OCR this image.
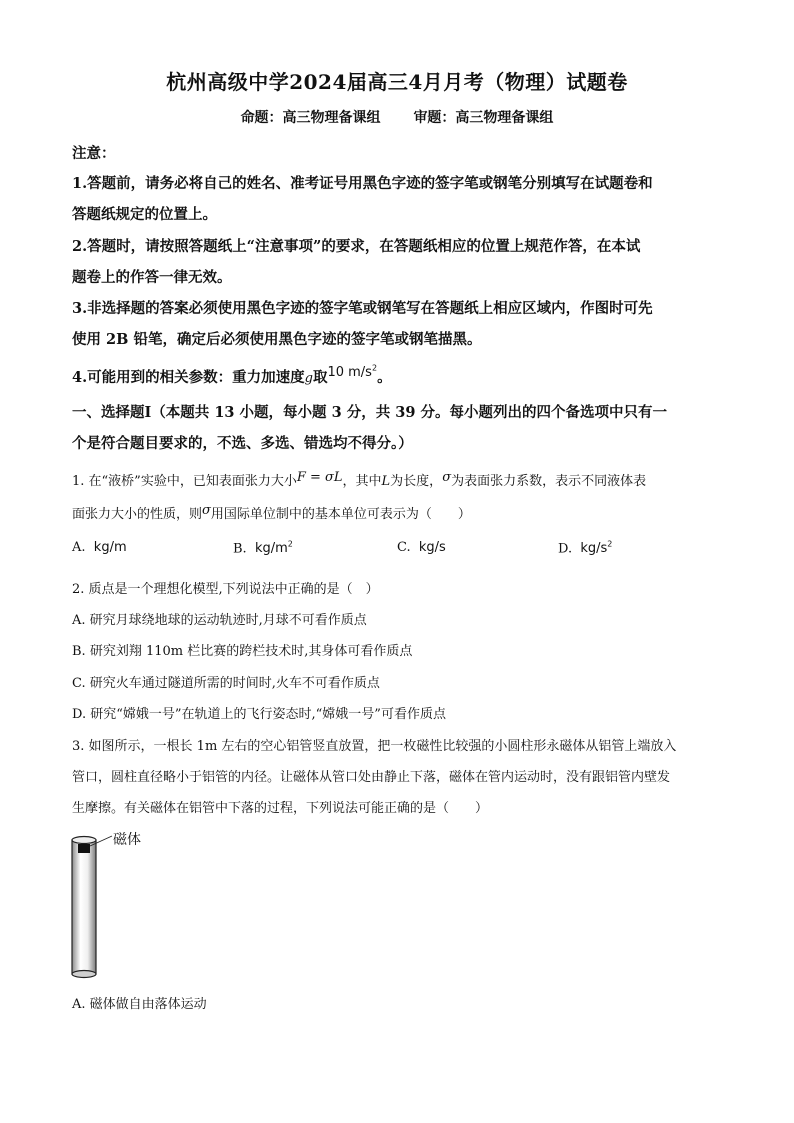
杭州高级中学2024届高三4月月考（物理）试题卷
命题：高三物理备课组 审题：高三物理备课组
注意：
1.答题前，请务必将自己的姓名、准考证号用黑色字迹的签字笔或钢笔分别填写在试题卷和
答题纸规定的位置上。
2.答题时，请按照答题纸上“注意事项”的要求，在答题纸相应的位置上规范作答，在本试
题卷上的作答一律无效。
3.非选择题的答案必须使用黑色字迹的签字笔或钢笔写在答题纸上相应区域内，作图时可先
使用 2B 铅笔，确定后必须使用黑色字迹的签字笔或钢笔描黑。
4.可能用到的相关参数：重力加速度g取10 $m/s^2$。
一、选择题Ⅰ（本题共 13 小题，每小题 3 分，共 39 分。每小题列出的四个备选项中只有一
个是符合题目要求的，不选、多选、错选均不得分。）
1. 在“液桥”实验中，已知表面张力大小F = σL，其中L为长度，σ为表面张力系数，表示不同液体表
面张力大小的性质，则σ用国际单位制中的基本单位可表示为（　　）
A. kg/m	B. $kg/m^2$	C. kg/s	D. $kg/s^2$
2. 质点是一个理想化模型,下列说法中正确的是（　）
A. 研究月球绕地球的运动轨迹时,月球不可看作质点
B. 研究刘翔 110m 栏比赛的跨栏技术时,其身体可看作质点
C. 研究火车通过隧道所需的时间时,火车不可看作质点
D. 研究“嫦娥一号”在轨道上的飞行姿态时,“嫦娥一号”可看作质点
3. 如图所示，一根长 1m 左右的空心铝管竖直放置，把一枚磁性比较强的小圆柱形永磁体从铝管上端放入
管口，圆柱直径略小于铝管的内径。让磁体从管口处由静止下落，磁体在管内运动时，没有跟铝管内壁发
生摩擦。有关磁体在铝管中下落的过程，下列说法可能正确的是（　　）
磁体
A. 磁体做自由落体运动
